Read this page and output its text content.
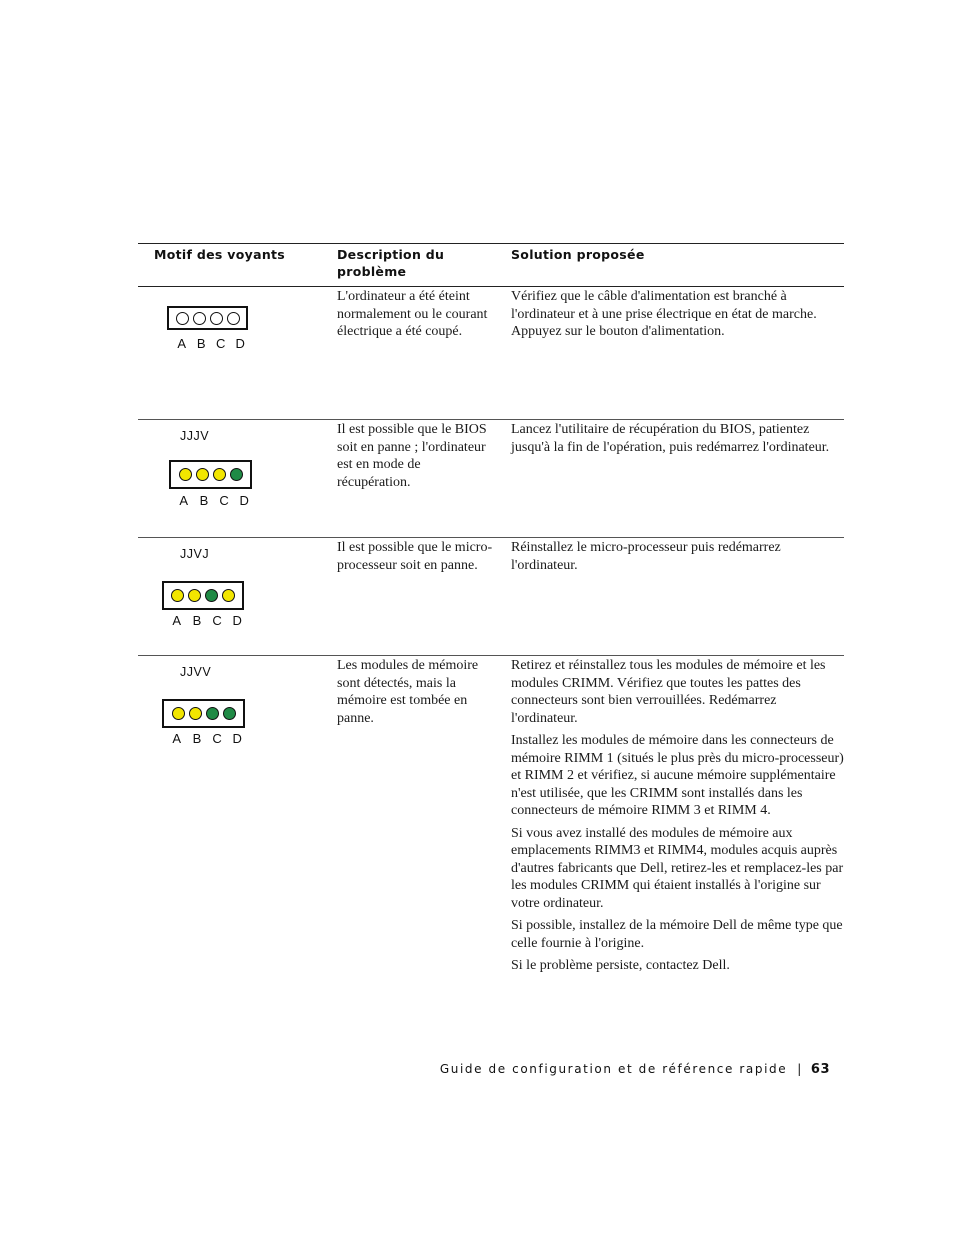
Motif des voyants	Description du problème
Solution proposée
A B C D
L'ordinateur a été éteint normalement ou le courant électrique a été coupé.

Vérifiez que le câble d'alimentation est branché à l'ordinateur et à une prise électrique en état de marche. Appuyez sur le bouton d'alimentation.

JJJV
A B C D
Il est possible que le BIOS soit en panne ; l'ordinateur est en mode de récupération.

Lancez l'utilitaire de récupération du BIOS, patientez jusqu'à la fin de l'opération, puis redémarrez l'ordinateur.

JJVJ
A B C D
Il est possible que le micro-processeur soit en panne.

Réinstallez le micro-processeur puis redémarrez l'ordinateur.

JJVV
A B C D
Les modules de mémoire sont détectés, mais la mémoire est tombée en panne.

Retirez et réinstallez tous les modules de mémoire et les modules CRIMM. Vérifiez que toutes les pattes des connecteurs sont bien verrouillées. Redémarrez l'ordinateur.

Installez les modules de mémoire dans les connecteurs de mémoire RIMM 1 (situés le plus près du micro-processeur) et RIMM 2 et vérifiez, si aucune mémoire supplémentaire n'est utilisée, que les CRIMM sont installés dans les connecteurs de mémoire RIMM 3 et RIMM 4.

Si vous avez installé des modules de mémoire aux emplacements RIMM3 et RIMM4, modules acquis auprès d'autres fabricants que Dell, retirez-les et remplacez-les par les modules CRIMM qui étaient installés à l'origine sur votre ordinateur.

Si possible, installez de la mémoire Dell de même type que celle fournie à l'origine.

Si le problème persiste, contactez Dell.

Guide de configuration et de référence rapide | 63
